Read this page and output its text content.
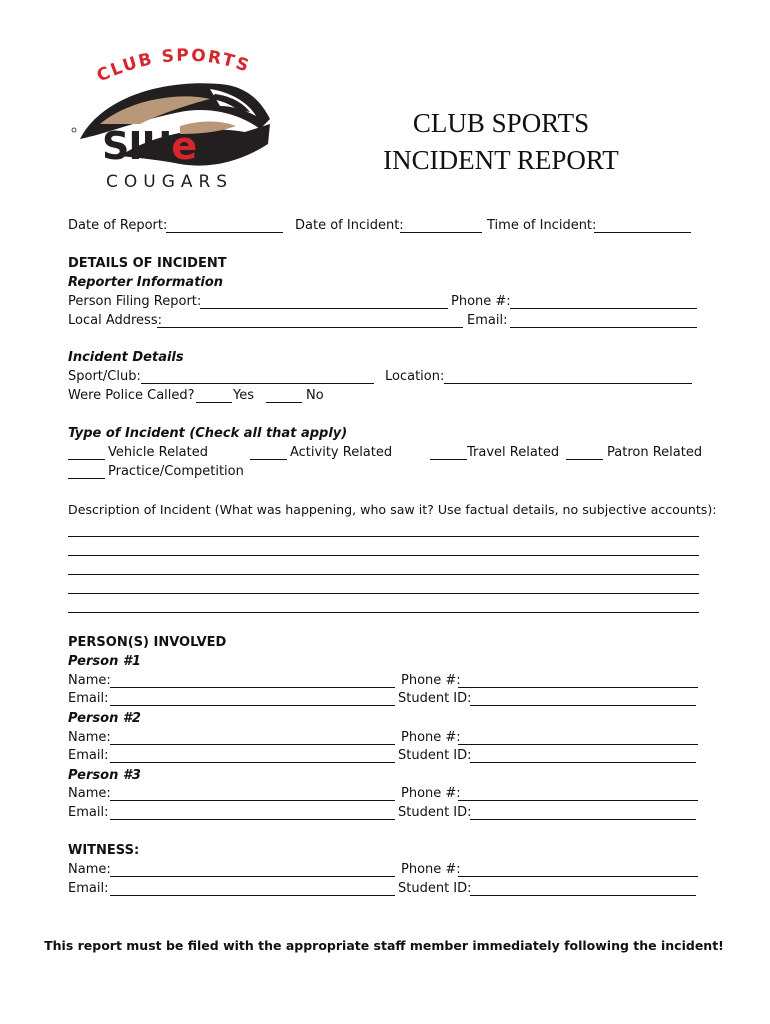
CLUB SPORTS
SIUe
COUGARS
CLUB SPORTS
INCIDENT REPORT
Date of Report:	Date of Incident:	Time of Incident:
DETAILS OF INCIDENT
Reporter Information
Person Filing Report:	Phone #:
Local Address:	Email:
Incident Details
Sport/Club:	Location:
Were Police Called?	Yes	No
Type of Incident (Check all that apply)
Vehicle Related	Activity Related	Travel Related	Patron Related
Practice/Competition
Description of Incident (What was happening, who saw it? Use factual details, no subjective accounts):
PERSON(S) INVOLVED
Person #1
Name:	Phone #:
Email:	Student ID:
Person #2
Name:	Phone #:
Email:	Student ID:
Person #3
Name:	Phone #:
Email:	Student ID:
WITNESS:
Name:	Phone #:
Email:	Student ID:
This report must be filed with the appropriate staff member immediately following the incident!
